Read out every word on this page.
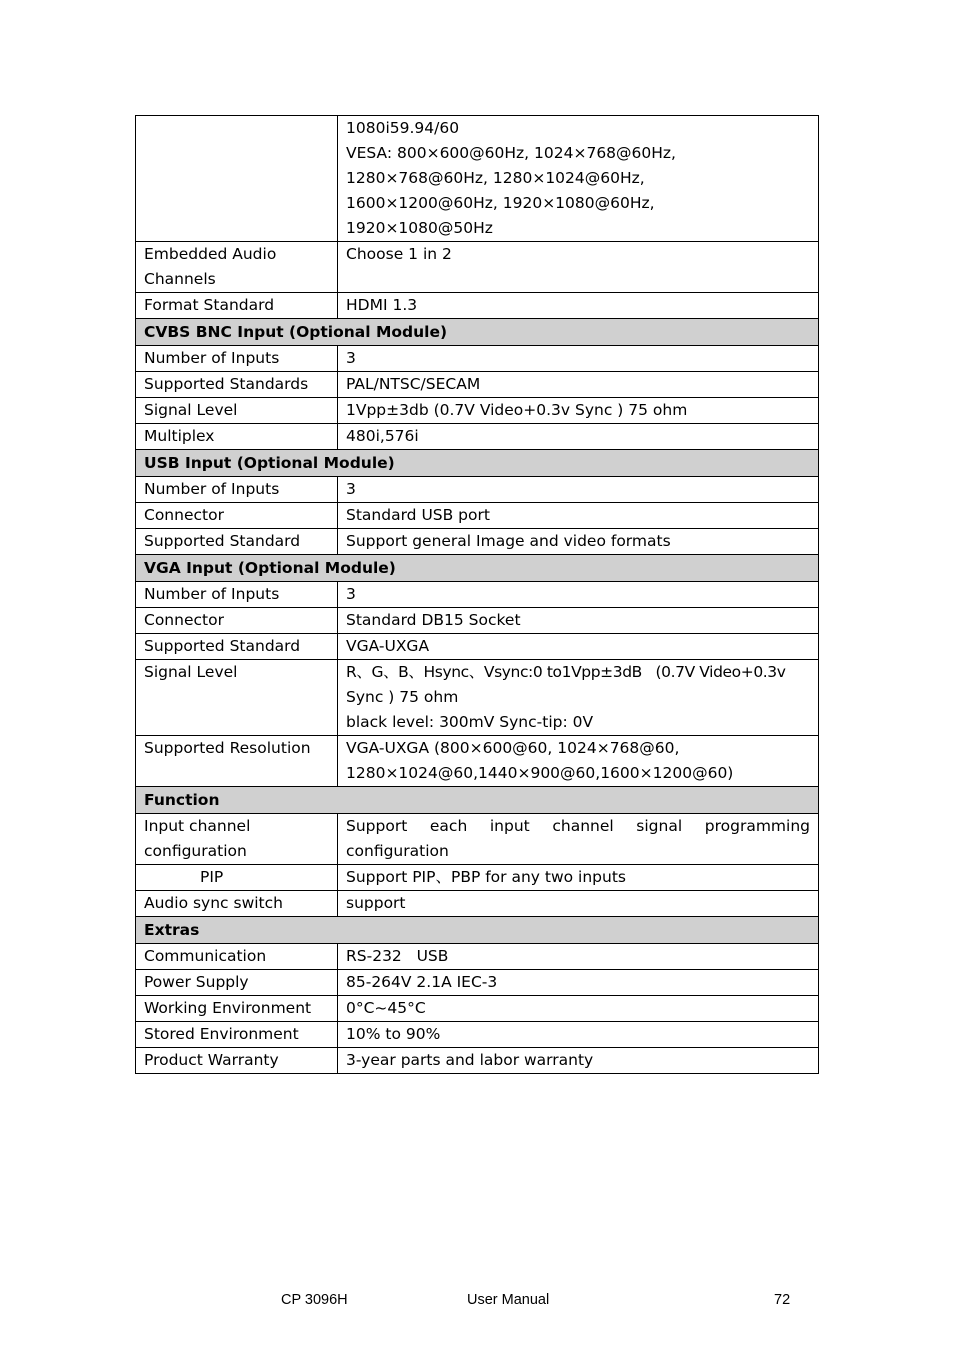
	1080i59.94/60
VESA: 800×600@60Hz, 1024×768@60Hz,
1280×768@60Hz, 1280×1024@60Hz,
1600×1200@60Hz, 1920×1080@60Hz,
1920×1080@50Hz

Embedded Audio
Channels	Choose 1 in 2
Format Standard	HDMI 1.3
CVBS BNC Input (Optional Module)	
Number of Inputs	3
Supported Standards	PAL/NTSC/SECAM
Signal Level	1Vpp±3db (0.7V Video+0.3v Sync ) 75 ohm
Multiplex	480i,576i
USB Input (Optional Module)	
Number of Inputs	3
Connector	Standard USB port
Supported Standard	Support general Image and video formats
VGA Input (Optional Module)	
Number of Inputs	3
Connector	Standard DB15 Socket
Supported Standard	VGA-UXGA
Signal Level	R、G、B、Hsync、Vsync:0 to1Vpp±3dB   (0.7V Video+0.3v
Sync ) 75 ohm
black level: 300mV Sync-tip: 0V

Supported Resolution	VGA-UXGA (800×600@60, 1024×768@60,
1280×1024@60,1440×900@60,1600×1200@60)

Function	

Input channel
configuration	Support each input channel signal programming configuration
PIP	Support PIP、PBP for any two inputs
Audio sync switch	support
Extras	
Communication	RS-232   USB
Power Supply	85-264V 2.1A IEC-3
Working Environment	0°C~45°C
Stored Environment	10% to 90%
Product Warranty	3-year parts and labor warranty
CP 3096H	User Manual	72
